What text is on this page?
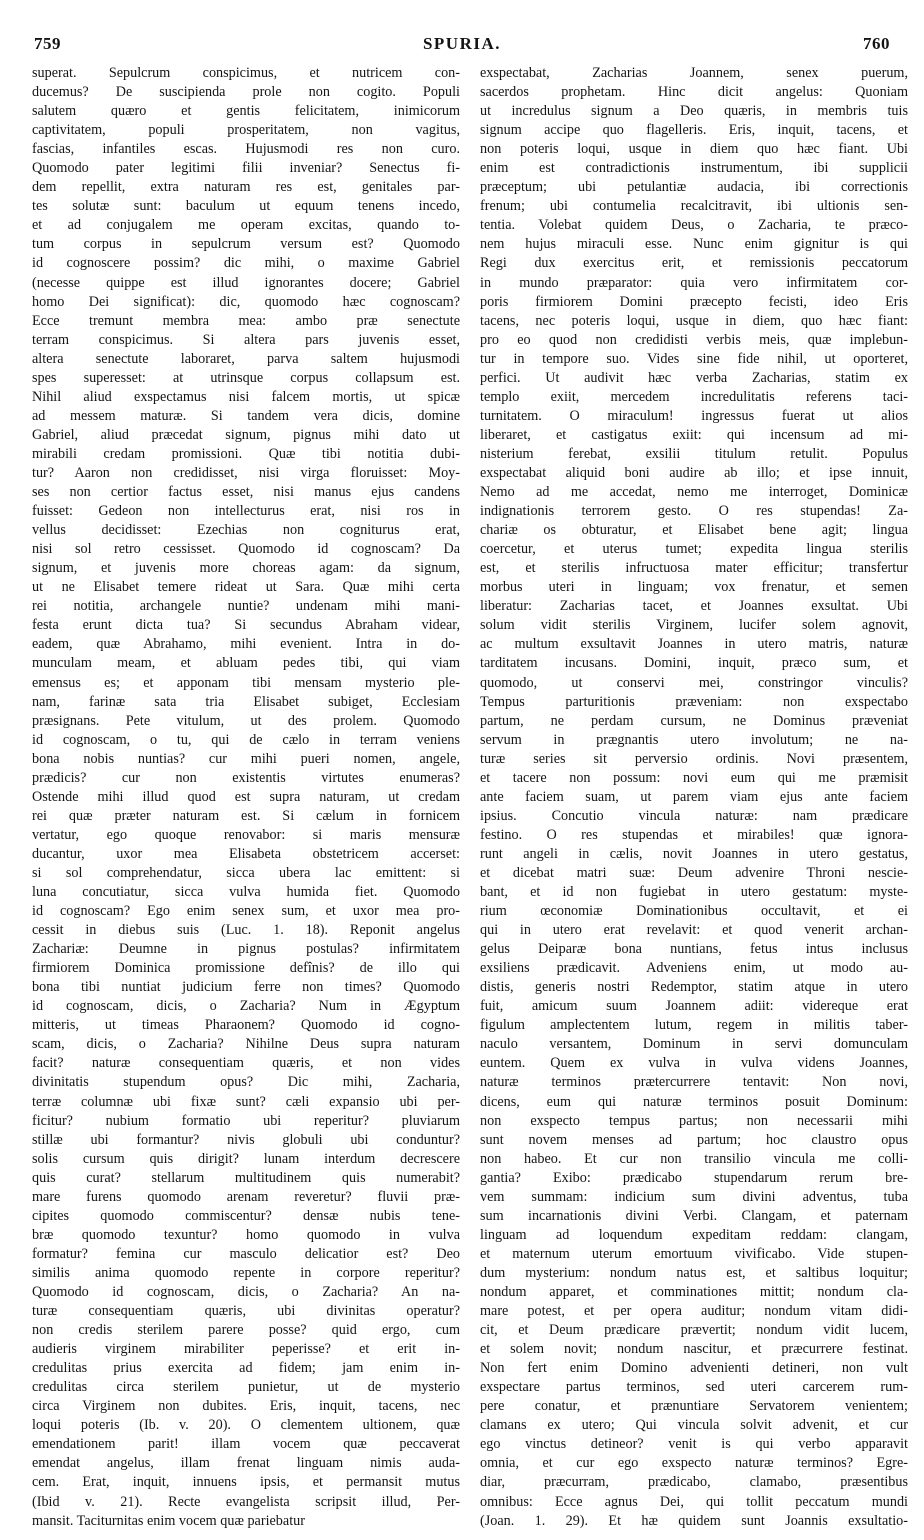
759	SPURIA.	760
superat. Sepulcrum conspicimus, et nutricem con-
ducemus? De suscipienda prole non cogito. Populi
salutem quæro et gentis felicitatem, inimicorum
captivitatem, populi prosperitatem, non vagitus,
fascias, infantiles escas. Hujusmodi res non curo.
Quomodo pater legitimi filii inveniar? Senectus fi-
dem repellit, extra naturam res est, genitales par-
tes solutæ sunt: baculum ut equum tenens incedo,
et ad conjugalem me operam excitas, quando to-
tum corpus in sepulcrum versum est? Quomodo
id cognoscere possim? dic mihi, o maxime Gabriel
(necesse quippe est illud ignorantes docere; Gabriel
homo Dei significat): dic, quomodo hæc cognoscam?
Ecce tremunt membra mea: ambo præ senectute
terram conspicimus. Si altera pars juvenis esset,
altera senectute laboraret, parva saltem hujusmodi
spes superesset: at utrinsque corpus collapsum est.
Nihil aliud exspectamus nisi falcem mortis, ut spicæ
ad messem maturæ. Si tandem vera dicis, domine
Gabriel, aliud præcedat signum, pignus mihi dato ut
mirabili credam promissioni. Quæ tibi notitia dubi-
tur? Aaron non credidisset, nisi virga floruisset: Moy-
ses non certior factus esset, nisi manus ejus candens
fuisset: Gedeon non intellecturus erat, nisi ros in
vellus decidisset: Ezechias non cogniturus erat,
nisi sol retro cessisset. Quomodo id cognoscam? Da
signum, et juvenis more choreas agam: da signum,
ut ne Elisabet temere rideat ut Sara. Quæ mihi certa
rei notitia, archangele nuntie? undenam mihi mani-
festa erunt dicta tua? Si secundus Abraham videar,
eadem, quæ Abrahamo, mihi evenient. Intra in do-
munculam meam, et abluam pedes tibi, qui viam
emensus es; et apponam tibi mensam mysterio ple-
nam, farinæ sata tria Elisabet subiget, Ecclesiam
præsignans. Pete vitulum, ut des prolem. Quomodo
id cognoscam, o tu, qui de cælo in terram veniens
bona nobis nuntias? cur mihi pueri nomen, angele,
prædicis? cur non existentis virtutes enumeras?
Ostende mihi illud quod est supra naturam, ut credam
rei quæ præter naturam est. Si cælum in fornicem
vertatur, ego quoque renovabor: si maris mensuræ
ducantur, uxor mea Elisabeta obstetricem accerset:
si sol comprehendatur, sicca ubera lac emittent: si
luna concutiatur, sicca vulva humida fiet. Quomodo
id cognoscam? Ego enim senex sum, et uxor mea pro-
cessit in diebus suis (Luc. 1. 18). Reponit angelus
Zachariæ: Deumne in pignus postulas? infirmitatem
firmiorem Dominica promissione defînis? de illo qui
bona tibi nuntiat judicium ferre non times? Quomodo
id cognoscam, dicis, o Zacharia? Num in Ægyptum
mitteris, ut timeas Pharaonem? Quomodo id cogno-
scam, dicis, o Zacharia? Nihilne Deus supra naturam
facit? naturæ consequentiam quæris, et non vides
divinitatis stupendum opus? Dic mihi, Zacharia,
terræ columnæ ubi fixæ sunt? cæli expansio ubi per-
ficitur? nubium formatio ubi reperitur? pluviarum
stillæ ubi formantur? nivis globuli ubi conduntur?
solis cursum quis dirigit? lunam interdum decrescere
quis curat? stellarum multitudinem quis numerabit?
mare furens quomodo arenam reveretur? fluvii præ-
cipites quomodo commiscentur? densæ nubis tene-
bræ quomodo texuntur? homo quomodo in vulva
formatur? femina cur masculo delicatior est? Deo
similis anima quomodo repente in corpore reperitur?
Quomodo id cognoscam, dicis, o Zacharia? An na-
turæ consequentiam quæris, ubi divinitas operatur?
non credis sterilem parere posse? quid ergo, cum
audieris virginem mirabiliter peperisse? et erit in-
credulitas prius exercita ad fidem; jam enim in-
credulitas circa sterilem punietur, ut de mysterio
circa Virginem non dubites. Eris, inquit, tacens, nec
loqui poteris (Ib. v. 20). O clementem ultionem, quæ
emendationem parit! illam vocem quæ peccaverat
emendat angelus, illam frenat linguam nimis auda-
cem. Erat, inquit, innuens ipsis, et permansit mutus
(Ibid v. 21). Recte evangelista scripsit illud, Per-
mansit. Taciturnitas enim vocem quæ pariebatur
exspectabat, Zacharias Joannem, senex puerum,
sacerdos prophetam. Hinc dicit angelus: Quoniam
ut incredulus signum a Deo quæris, in membris tuis
signum accipe quo flagelleris. Eris, inquit, tacens, et
non poteris loqui, usque in diem quo hæc fiant. Ubi
enim est contradictionis instrumentum, ibi supplicii
præceptum; ubi petulantiæ audacia, ibi correctionis
frenum; ubi contumelia recalcitravit, ibi ultionis sen-
tentia. Volebat quidem Deus, o Zacharia, te præco-
nem hujus miraculi esse. Nunc enim gignitur is qui
Regi dux exercitus erit, et remissionis peccatorum
in mundo præparator: quia vero infirmitatem cor-
poris firmiorem Domini præcepto fecisti, ideo Eris
tacens, nec poteris loqui, usque in diem, quo hæc fiant:
pro eo quod non credidisti verbis meis, quæ implebun-
tur in tempore suo. Vides sine fide nihil, ut oporteret,
perfici. Ut audivit hæc verba Zacharias, statim ex
templo exiit, mercedem incredulitatis referens taci-
turnitatem. O miraculum! ingressus fuerat ut alios
liberaret, et castigatus exiit: qui incensum ad mi-
nisterium ferebat, exsilii titulum retulit. Populus
exspectabat aliquid boni audire ab illo; et ipse innuit,
Nemo ad me accedat, nemo me interroget, Dominicæ
indignationis terrorem gesto. O res stupendas! Za-
chariæ os obturatur, et Elisabet bene agit; lingua
coercetur, et uterus tumet; expedita lingua sterilis
est, et sterilis infructuosa mater efficitur; transfertur
morbus uteri in linguam; vox frenatur, et semen
liberatur: Zacharias tacet, et Joannes exsultat. Ubi
solum vidit sterilis Virginem, lucifer solem agnovit,
ac multum exsultavit Joannes in utero matris, naturæ
tarditatem incusans. Domini, inquit, præco sum, et
quomodo, ut conservi mei, constringor vinculis?
Tempus parturitionis præveniam: non exspectabo
partum, ne perdam cursum, ne Dominus præveniat
servum in prægnantis utero involutum; ne na-
turæ series sit perversio ordinis. Novi præsentem,
et tacere non possum: novi eum qui me præmisit
ante faciem suam, ut parem viam ejus ante faciem
ipsius. Concutio vincula naturæ: nam prædicare
festino. O res stupendas et mirabiles! quæ ignora-
runt angeli in cælis, novit Joannes in utero gestatus,
et dicebat matri suæ: Deum advenire Throni nescie-
bant, et id non fugiebat in utero gestatum: myste-
rium œconomiæ Dominationibus occultavit, et ei
qui in utero erat revelavit: et quod venerit archan-
gelus Deiparæ bona nuntians, fetus intus inclusus
exsiliens prædicavit. Adveniens enim, ut modo au-
distis, generis nostri Redemptor, statim atque in utero
fuit, amicum suum Joannem adiit: videreque erat
figulum amplectentem lutum, regem in militis taber-
naculo versantem, Dominum in servi domunculam
euntem. Quem ex vulva in vulva videns Joannes,
naturæ terminos prætercurrere tentavit: Non novi,
dicens, eum qui naturæ terminos posuit Dominum:
non exspecto tempus partus; non necessarii mihi
sunt novem menses ad partum; hoc claustro opus
non habeo. Et cur non transilio vincula me colli-
gantia? Exibo: prædicabo stupendarum rerum bre-
vem summam: indicium sum divini adventus, tuba
sum incarnationis divini Verbi. Clangam, et paternam
linguam ad loquendum expeditam reddam: clangam,
et maternum uterum emortuum vivificabo. Vide stupen-
dum mysterium: nondum natus est, et saltibus loquitur;
nondum apparet, et comminationes mittit; nondum cla-
mare potest, et per opera auditur; nondum vitam didi-
cit, et Deum prædicare prævertit; nondum vidit lucem,
et solem novit; nondum nascitur, et præcurrere festinat.
Non fert enim Domino advenienti detineri, non vult
exspectare partus terminos, sed uteri carcerem rum-
pere conatur, et prænuntiare Servatorem venientem;
clamans ex utero; Qui vincula solvit advenit, et cur
ego vinctus detineor? venit is qui verbo apparavit
omnia, et cur ego exspecto naturæ terminos? Egre-
diar, præcurram, prædicabo, clamabo, præsentibus
omnibus: Ecce agnus Dei, qui tollit peccatum mundi
(Joan. 1. 29). Et hæ quidem sunt Joannis exsultatio-
